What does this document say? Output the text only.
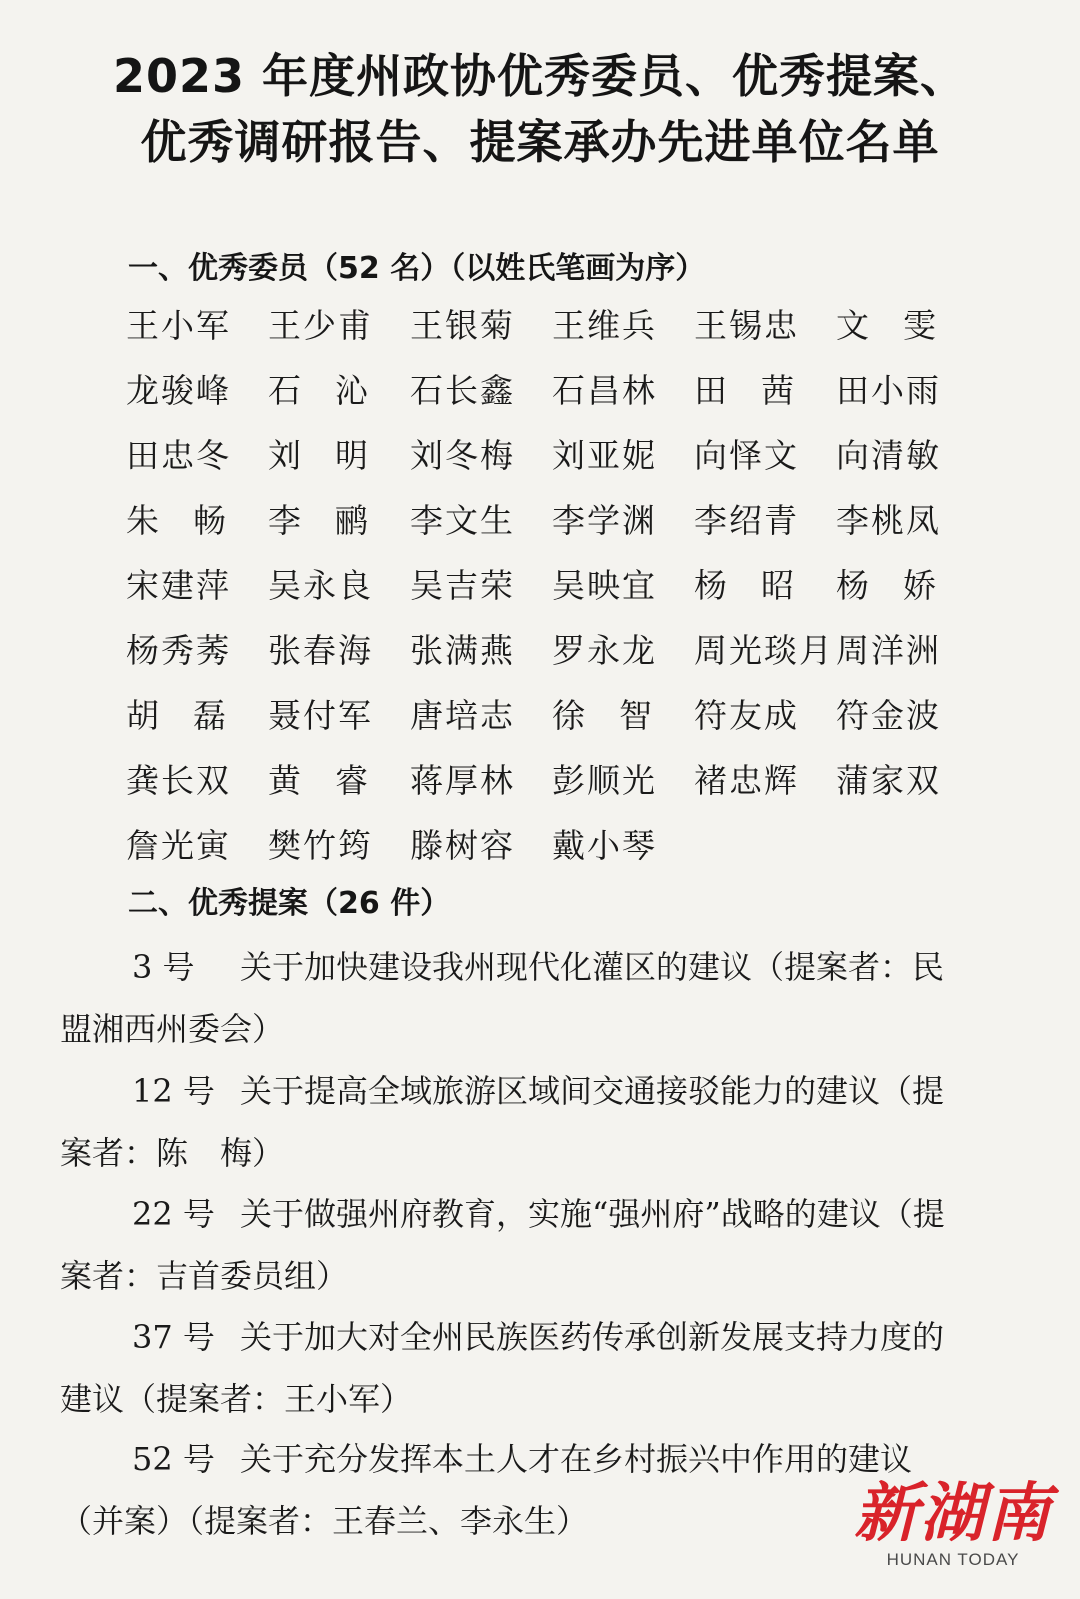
2023 年度州政协优秀委员、优秀提案、
优秀调研报告、提案承办先进单位名单
一、优秀委员（52 名）（以姓氏笔画为序）
王小军	王少甫	王银菊	王维兵	王锡忠	文雯
龙骏峰	石沁 石长鑫	石昌林	田茜 田小雨
田忠冬	刘明 刘冬梅	刘亚妮	向怿文	向清敏
朱畅 李鹂 李文生	李学渊	李绍青	李桃凤
宋建萍	吴永良	吴吉荣	吴映宜	杨昭 杨娇
杨秀莠	张春海	张满燕	罗永龙	周光琰月 周洋洲
胡磊 聂付军	唐培志	徐智 符友成	符金波
龚长双	黄睿 蒋厚林	彭顺光	褚忠辉	蒲家双
詹光寅	樊竹筠	滕树容	戴小琴
二、优秀提案（26 件）
3 号 关于加快建设我州现代化灌区的建议（提案者：民
盟湘西州委会）
12 号 关于提高全域旅游区域间交通接驳能力的建议（提
案者：陈　梅）
22 号 关于做强州府教育，实施“强州府”战略的建议（提
案者：吉首委员组）
37 号 关于加大对全州民族医药传承创新发展支持力度的
建议（提案者：王小军）
52 号 关于充分发挥本土人才在乡村振兴中作用的建议
（并案）（提案者：王春兰、李永生）	新湖南
HUNAN TODAY
